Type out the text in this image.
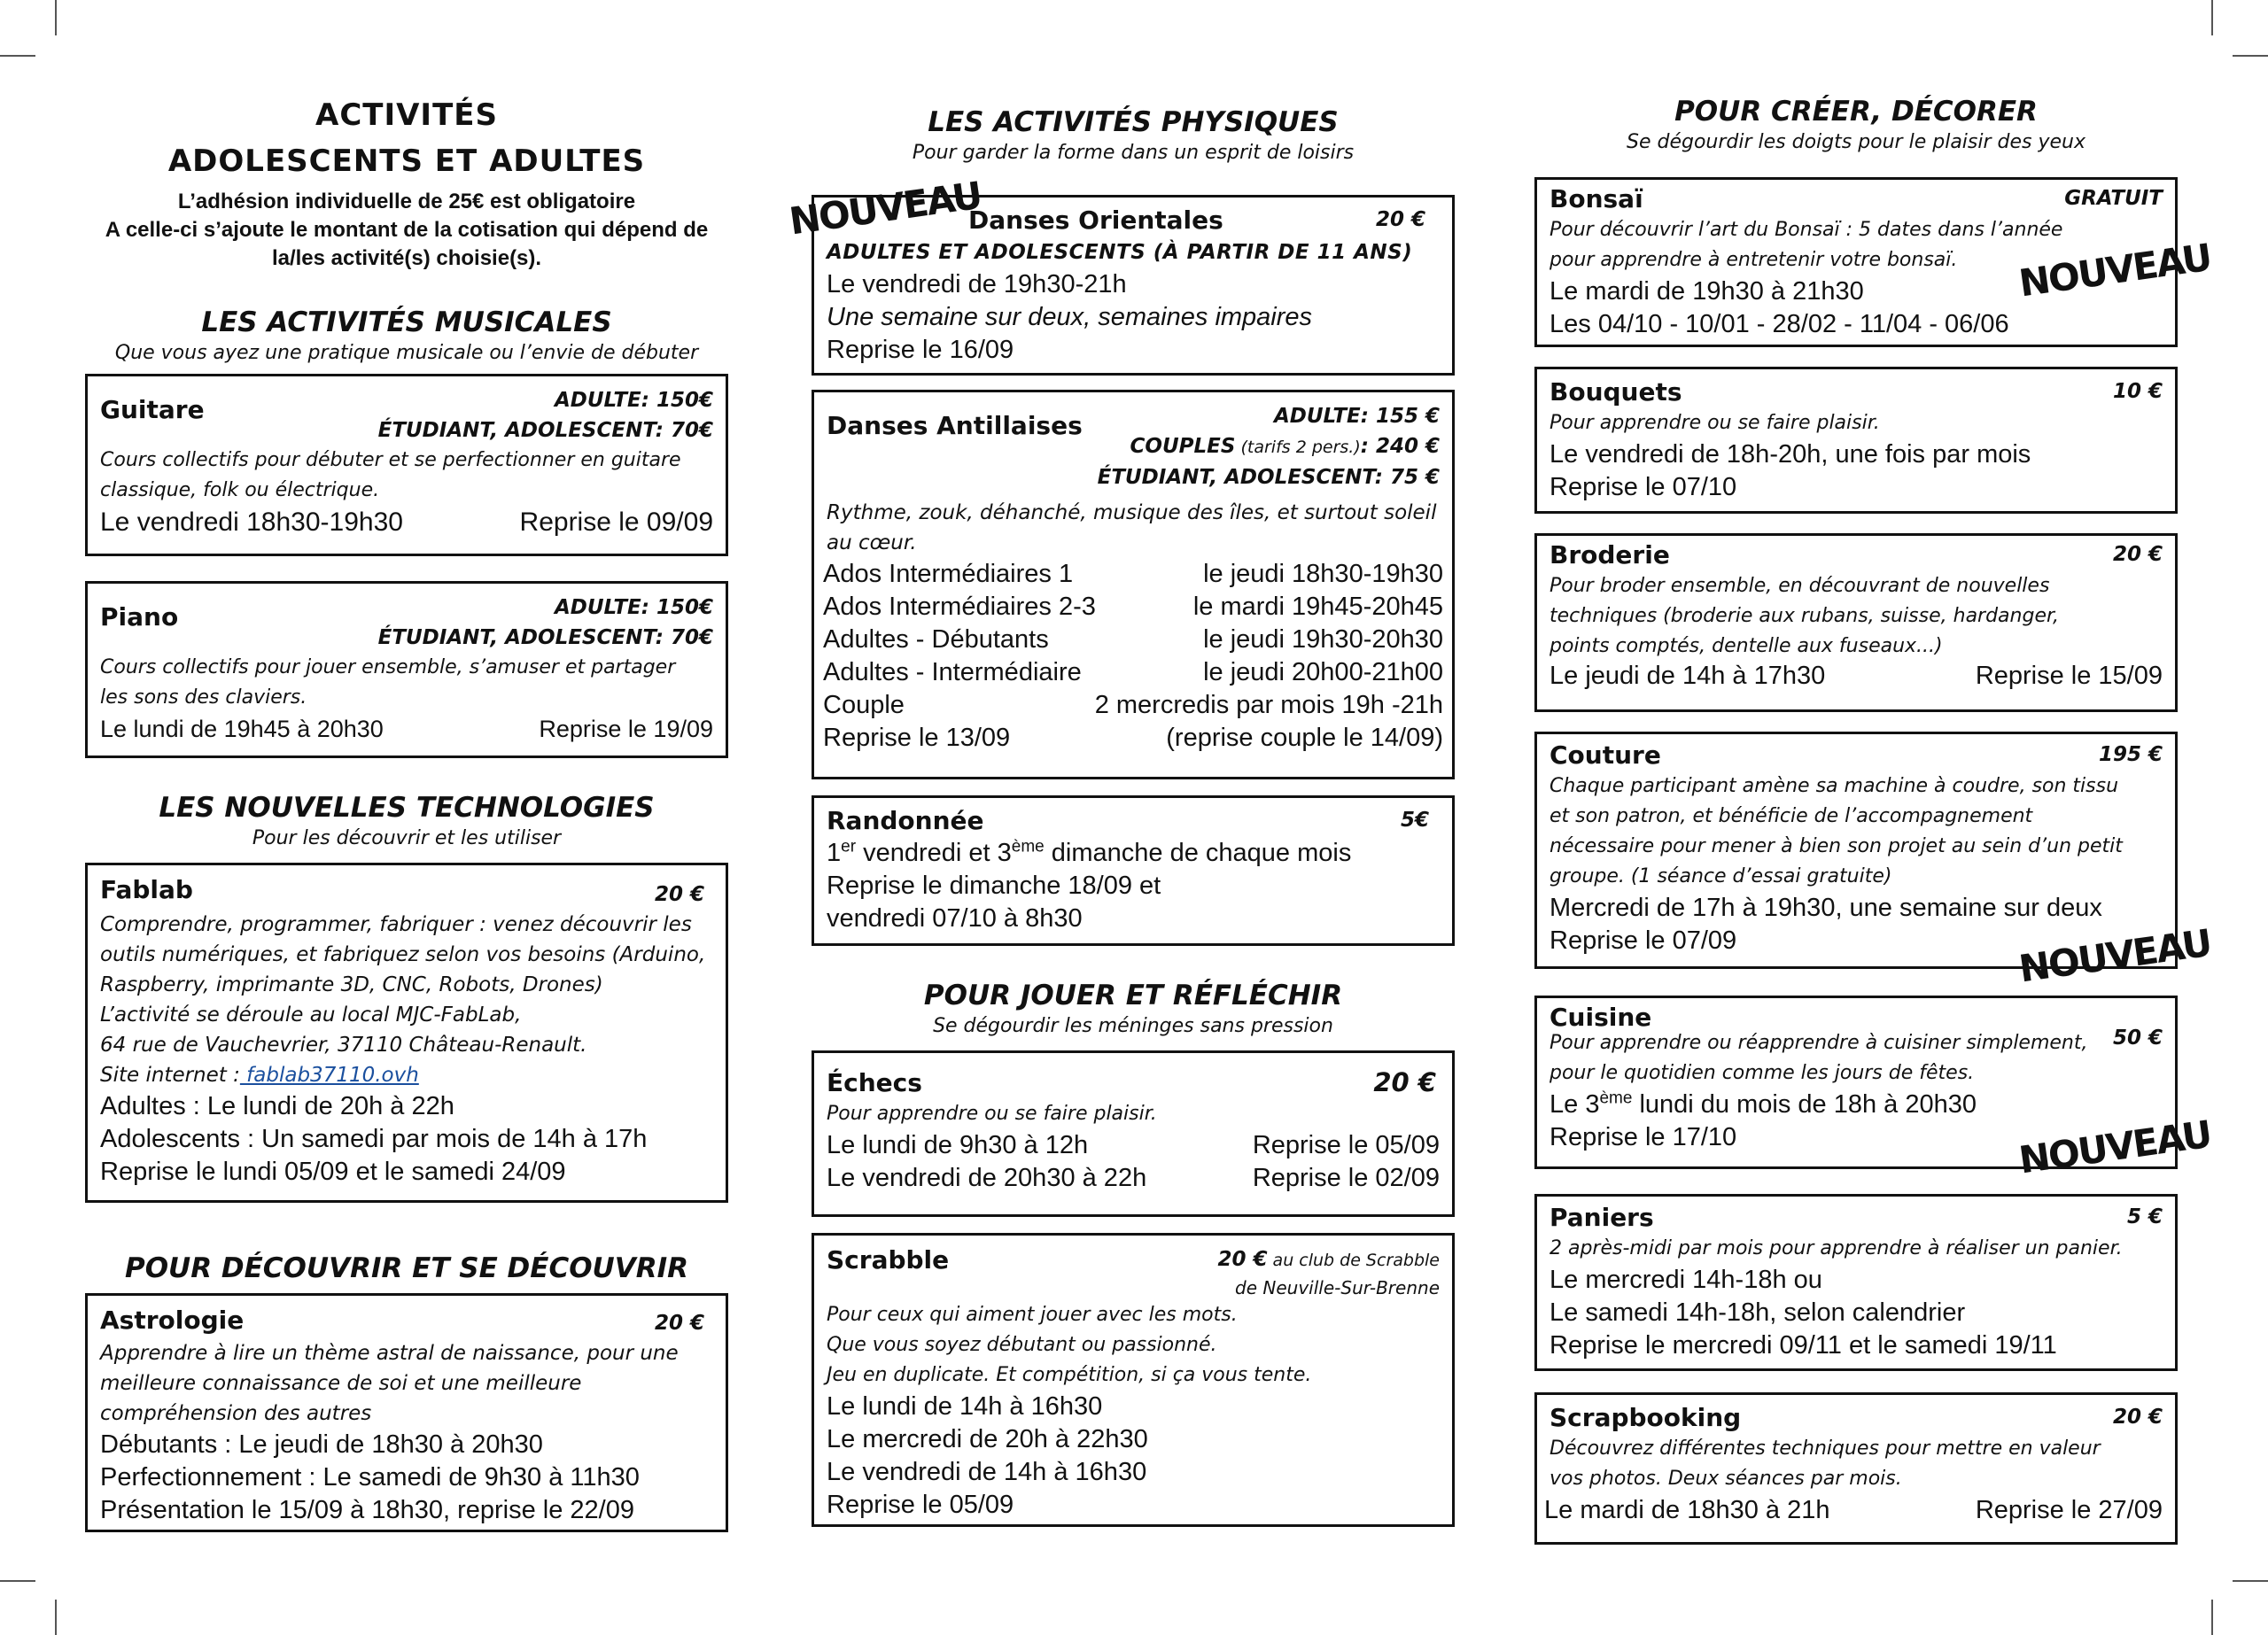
ACTIVITÉS
ADOLESCENTS ET ADULTES
L’adhésion individuelle de 25€ est obligatoire
A celle-ci s’ajoute le montant de la cotisation qui dépend de
la/les activité(s) choisie(s).
LES ACTIVITÉS MUSICALES
Que vous ayez une pratique musicale ou l’envie de débuter
Guitare	ADULTE: 150€
ÉTUDIANT, ADOLESCENT: 70€
Cours collectifs pour débuter et se perfectionner en guitare
classique, folk ou électrique.
Le vendredi 18h30-19h30	Reprise le 09/09
Piano	ADULTE: 150€
ÉTUDIANT, ADOLESCENT: 70€
Cours collectifs pour jouer ensemble, s’amuser et partager
les sons des claviers.
Le lundi de 19h45 à 20h30	Reprise le 19/09
LES NOUVELLES TECHNOLOGIES
Pour les découvrir et les utiliser
Fablab	20 €
Comprendre, programmer, fabriquer : venez découvrir les
outils numériques, et fabriquez selon vos besoins (Arduino,
Raspberry, imprimante 3D, CNC, Robots, Drones)
L’activité se déroule au local MJC-FabLab,
64 rue de Vauchevrier, 37110 Château-Renault.
Site internet : fablab37110.ovh
Adultes : Le lundi de 20h à 22h
Adolescents : Un samedi par mois de 14h à 17h
Reprise le lundi 05/09 et le samedi 24/09
POUR DÉCOUVRIR ET SE DÉCOUVRIR
Astrologie	20 €
Apprendre à lire un thème astral de naissance, pour une
meilleure connaissance de soi et une meilleure
compréhension des autres
Débutants : Le jeudi de 18h30 à 20h30
Perfectionnement : Le samedi de 9h30 à 11h30
Présentation le 15/09 à 18h30, reprise le 22/09
LES ACTIVITÉS PHYSIQUES
Pour garder la forme dans un esprit de loisirs
Danses Orientales	20 €
ADULTES ET ADOLESCENTS (À PARTIR DE 11 ANS)
Le vendredi de 19h30-21h
Une semaine sur deux, semaines impaires
Reprise le 16/09
NOUVEAU
Danses Antillaises	ADULTE: 155 €
COUPLES (tarifs 2 pers.): 240 €
ÉTUDIANT, ADOLESCENT: 75 €
Rythme, zouk, déhanché, musique des îles, et surtout soleil
au cœur.
Ados Intermédiaires 1	le jeudi 18h30-19h30
Ados Intermédiaires 2-3	le mardi 19h45-20h45
Adultes - Débutants	le jeudi 19h30-20h30
Adultes - Intermédiaire	le jeudi 20h00-21h00
Couple	2 mercredis par mois 19h -21h
Reprise le 13/09	(reprise couple le 14/09)
Randonnée	5€
1er vendredi et 3ème dimanche de chaque mois
Reprise le dimanche 18/09 et
vendredi 07/10 à 8h30
POUR JOUER ET RÉFLÉCHIR
Se dégourdir les méninges sans pression
Échecs	20 €
Pour apprendre ou se faire plaisir.
Le lundi de 9h30 à 12h	Reprise le 05/09
Le vendredi de 20h30 à 22h	Reprise le 02/09
Scrabble	20 € au club de Scrabble
de Neuville-Sur-Brenne
Pour ceux qui aiment jouer avec les mots.
Que vous soyez débutant ou passionné.
Jeu en duplicate. Et compétition, si ça vous tente.
Le lundi de 14h à 16h30
Le mercredi de 20h à 22h30
Le vendredi de 14h à 16h30
Reprise le 05/09
POUR CRÉER, DÉCORER
Se dégourdir les doigts pour le plaisir des yeux
Bonsaï	GRATUIT
Pour découvrir l’art du Bonsaï : 5 dates dans l’année
pour apprendre à entretenir votre bonsaï.
Le mardi de 19h30 à 21h30
Les 04/10 - 10/01 - 28/02 - 11/04 - 06/06
NOUVEAU
Bouquets	10 €
Pour apprendre ou se faire plaisir.
Le vendredi de 18h-20h, une fois par mois
Reprise le 07/10
Broderie	20 €
Pour broder ensemble, en découvrant de nouvelles
techniques (broderie aux rubans, suisse, hardanger,
points comptés, dentelle aux fuseaux...)
Le jeudi de 14h à 17h30	Reprise le 15/09
Couture	195 €
Chaque participant amène sa machine à coudre, son tissu
et son patron, et bénéficie de l’accompagnement
nécessaire pour mener à bien son projet au sein d’un petit
groupe. (1 séance d’essai gratuite)
Mercredi de 17h à 19h30, une semaine sur deux
Reprise le 07/09	NOUVEAU
Cuisine
50 €
Pour apprendre ou réapprendre à cuisiner simplement,
pour le quotidien comme les jours de fêtes.
Le 3ème lundi du mois de 18h à 20h30
Reprise le 17/10	NOUVEAU
Paniers	5 €
2 après-midi par mois pour apprendre à réaliser un panier.
Le mercredi 14h-18h ou
Le samedi 14h-18h, selon calendrier
Reprise le mercredi 09/11 et le samedi 19/11
Scrapbooking	20 €
Découvrez différentes techniques pour mettre en valeur
vos photos. Deux séances par mois.
Le mardi de 18h30 à 21h	Reprise le 27/09
